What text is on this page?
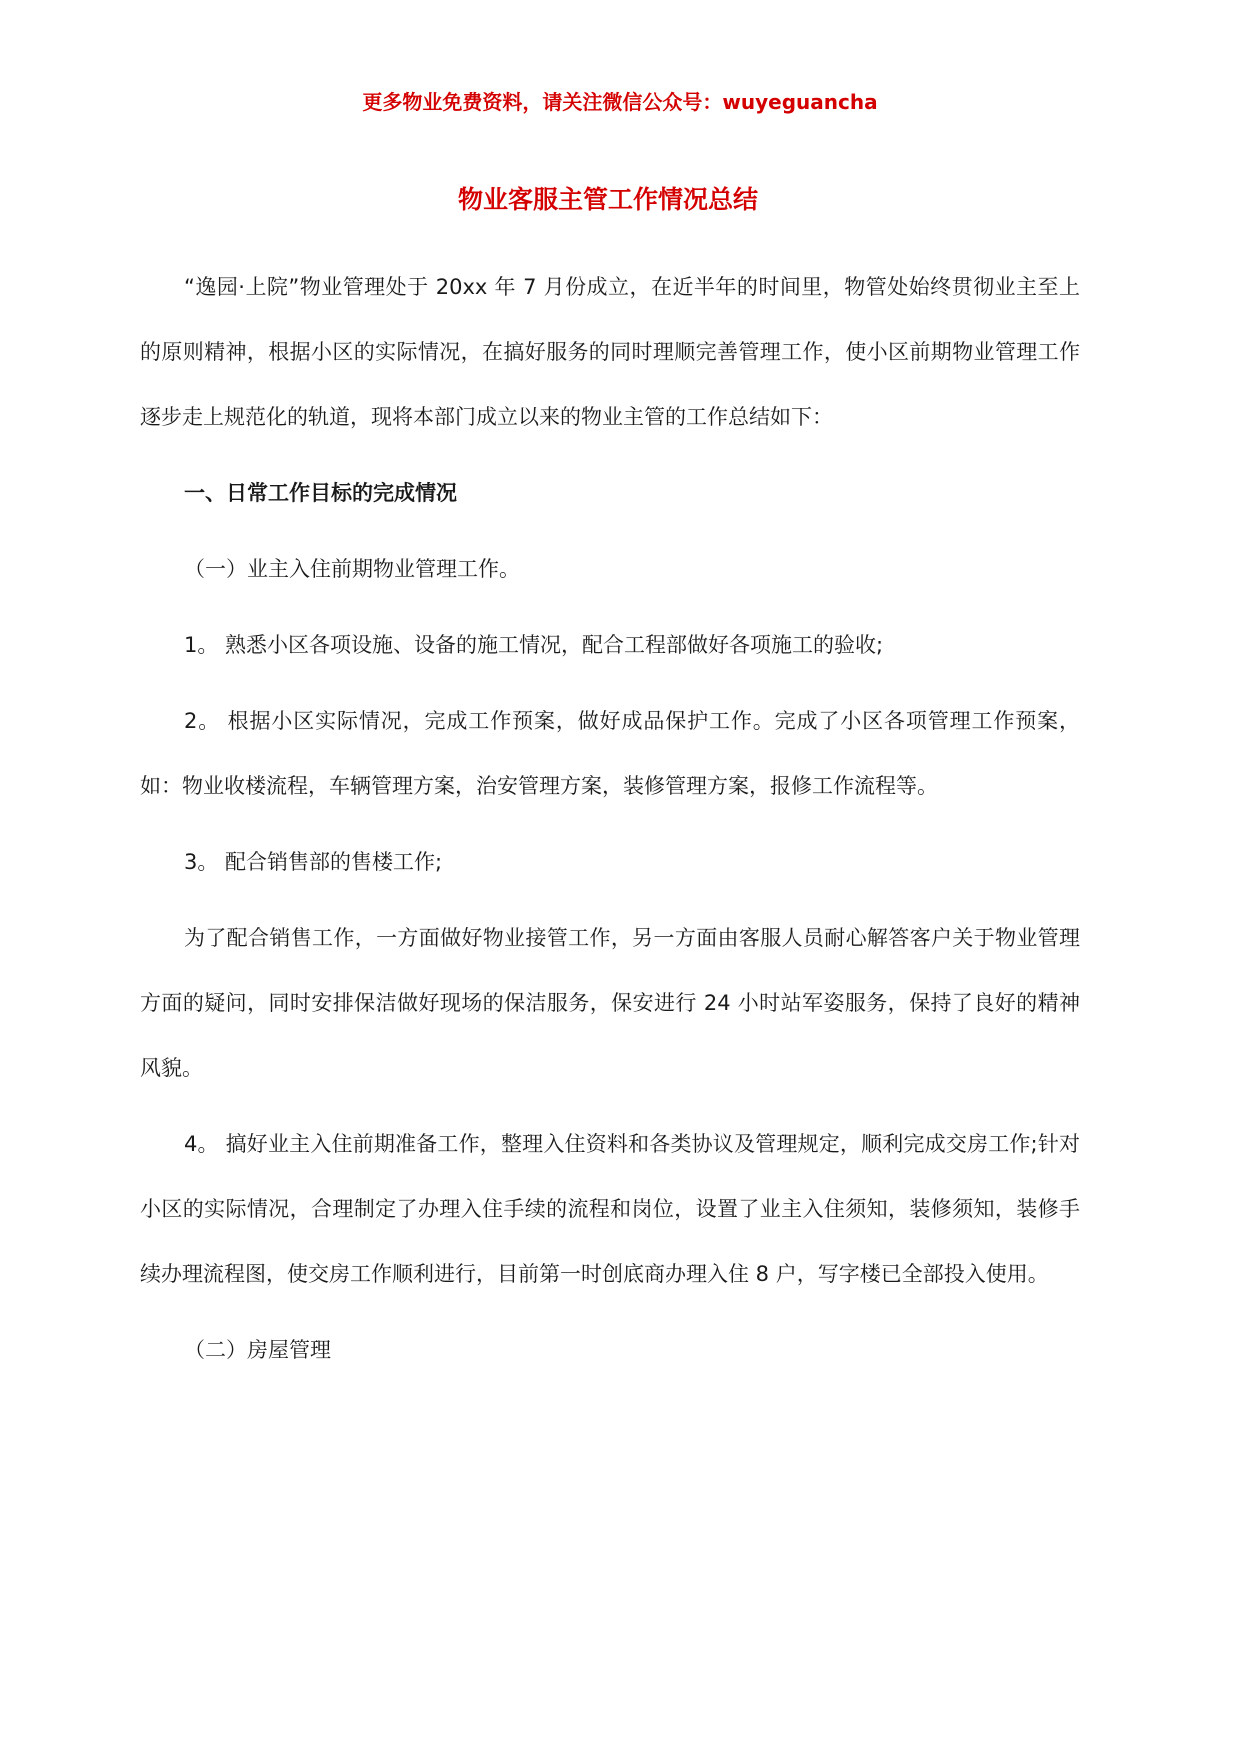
更多物业免费资料，请关注微信公众号：wuyeguancha
物业客服主管工作情况总结

“逸园·上院”物业管理处于 20xx 年 7 月份成立，在近半年的时间里，物管处始终贯彻业主至上的原则精神，根据小区的实际情况，在搞好服务的同时理顺完善管理工作，使小区前期物业管理工作逐步走上规范化的轨道，现将本部门成立以来的物业主管的工作总结如下：

一、日常工作目标的完成情况

（一）业主入住前期物业管理工作。

1。 熟悉小区各项设施、设备的施工情况，配合工程部做好各项施工的验收;

2。 根据小区实际情况，完成工作预案，做好成品保护工作。完成了小区各项管理工作预案，如：物业收楼流程，车辆管理方案，治安管理方案，装修管理方案，报修工作流程等。

3。 配合销售部的售楼工作;

为了配合销售工作，一方面做好物业接管工作，另一方面由客服人员耐心解答客户关于物业管理方面的疑问，同时安排保洁做好现场的保洁服务，保安进行 24 小时站军姿服务，保持了良好的精神风貌。

4。 搞好业主入住前期准备工作，整理入住资料和各类协议及管理规定，顺利完成交房工作;针对小区的实际情况，合理制定了办理入住手续的流程和岗位，设置了业主入住须知，装修须知，装修手续办理流程图，使交房工作顺利进行，目前第一时创底商办理入住 8 户，写字楼已全部投入使用。

（二）房屋管理
